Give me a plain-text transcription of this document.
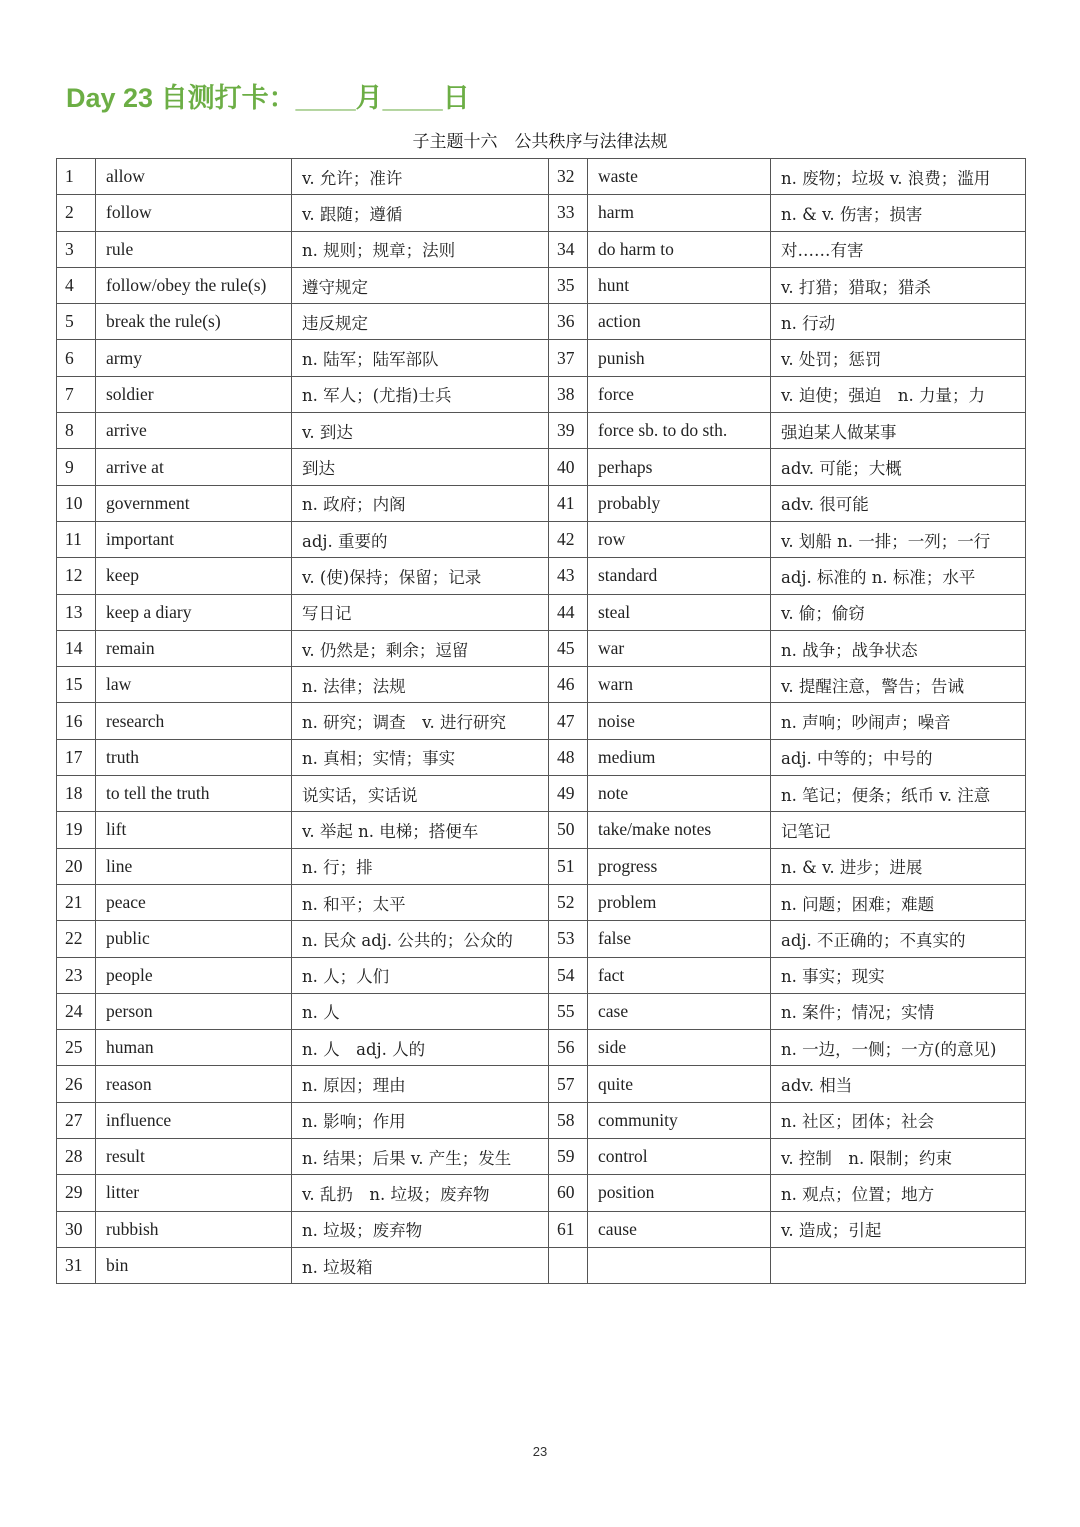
Day 23 自测打卡：____月____日
子主题十六　公共秩序与法律法规
1	allow	v. 允许；准许	32	waste	n. 废物；垃圾 v. 浪费；滥用
2	follow	v. 跟随；遵循	33	harm	n. & v. 伤害；损害
3	rule	n. 规则；规章；法则	34	do harm to	对……有害
4	follow/obey the rule(s)	遵守规定	35	hunt	v. 打猎；猎取；猎杀
5	break the rule(s)	违反规定	36	action	n. 行动
6	army	n. 陆军；陆军部队	37	punish	v. 处罚；惩罚
7	soldier	n. 军人；(尤指)士兵	38	force	v. 迫使；强迫　n. 力量；力
8	arrive	v. 到达	39	force sb. to do sth.	强迫某人做某事
9	arrive at	到达	40	perhaps	adv. 可能；大概
10	government	n. 政府；内阁	41	probably	adv. 很可能
11	important	adj. 重要的	42	row	v. 划船 n. 一排；一列；一行
12	keep	v. (使)保持；保留；记录	43	standard	adj. 标准的 n. 标准；水平
13	keep a diary	写日记	44	steal	v. 偷；偷窃
14	remain	v. 仍然是；剩余；逗留	45	war	n. 战争；战争状态
15	law	n. 法律；法规	46	warn	v. 提醒注意，警告；告诫
16	research	n. 研究；调查　v. 进行研究	47	noise	n. 声响；吵闹声；噪音
17	truth	n. 真相；实情；事实	48	medium	adj. 中等的；中号的
18	to tell the truth	说实话，实话说	49	note	n. 笔记；便条；纸币 v. 注意
19	lift	v. 举起 n. 电梯；搭便车	50	take/make notes	记笔记
20	line	n. 行；排	51	progress	n. & v. 进步；进展
21	peace	n. 和平；太平	52	problem	n. 问题；困难；难题
22	public	n. 民众 adj. 公共的；公众的	53	false	adj. 不正确的；不真实的
23	people	n. 人；人们	54	fact	n. 事实；现实
24	person	n. 人	55	case	n. 案件；情况；实情
25	human	n. 人　adj. 人的	56	side	n. 一边，一侧；一方(的意见)
26	reason	n. 原因；理由	57	quite	adv. 相当
27	influence	n. 影响；作用	58	community	n. 社区；团体；社会
28	result	n. 结果；后果 v. 产生；发生	59	control	v. 控制　n. 限制；约束
29	litter	v. 乱扔　n. 垃圾；废弃物	60	position	n. 观点；位置；地方
30	rubbish	n. 垃圾；废弃物	61	cause	v. 造成；引起
31	bin	n. 垃圾箱			
23
